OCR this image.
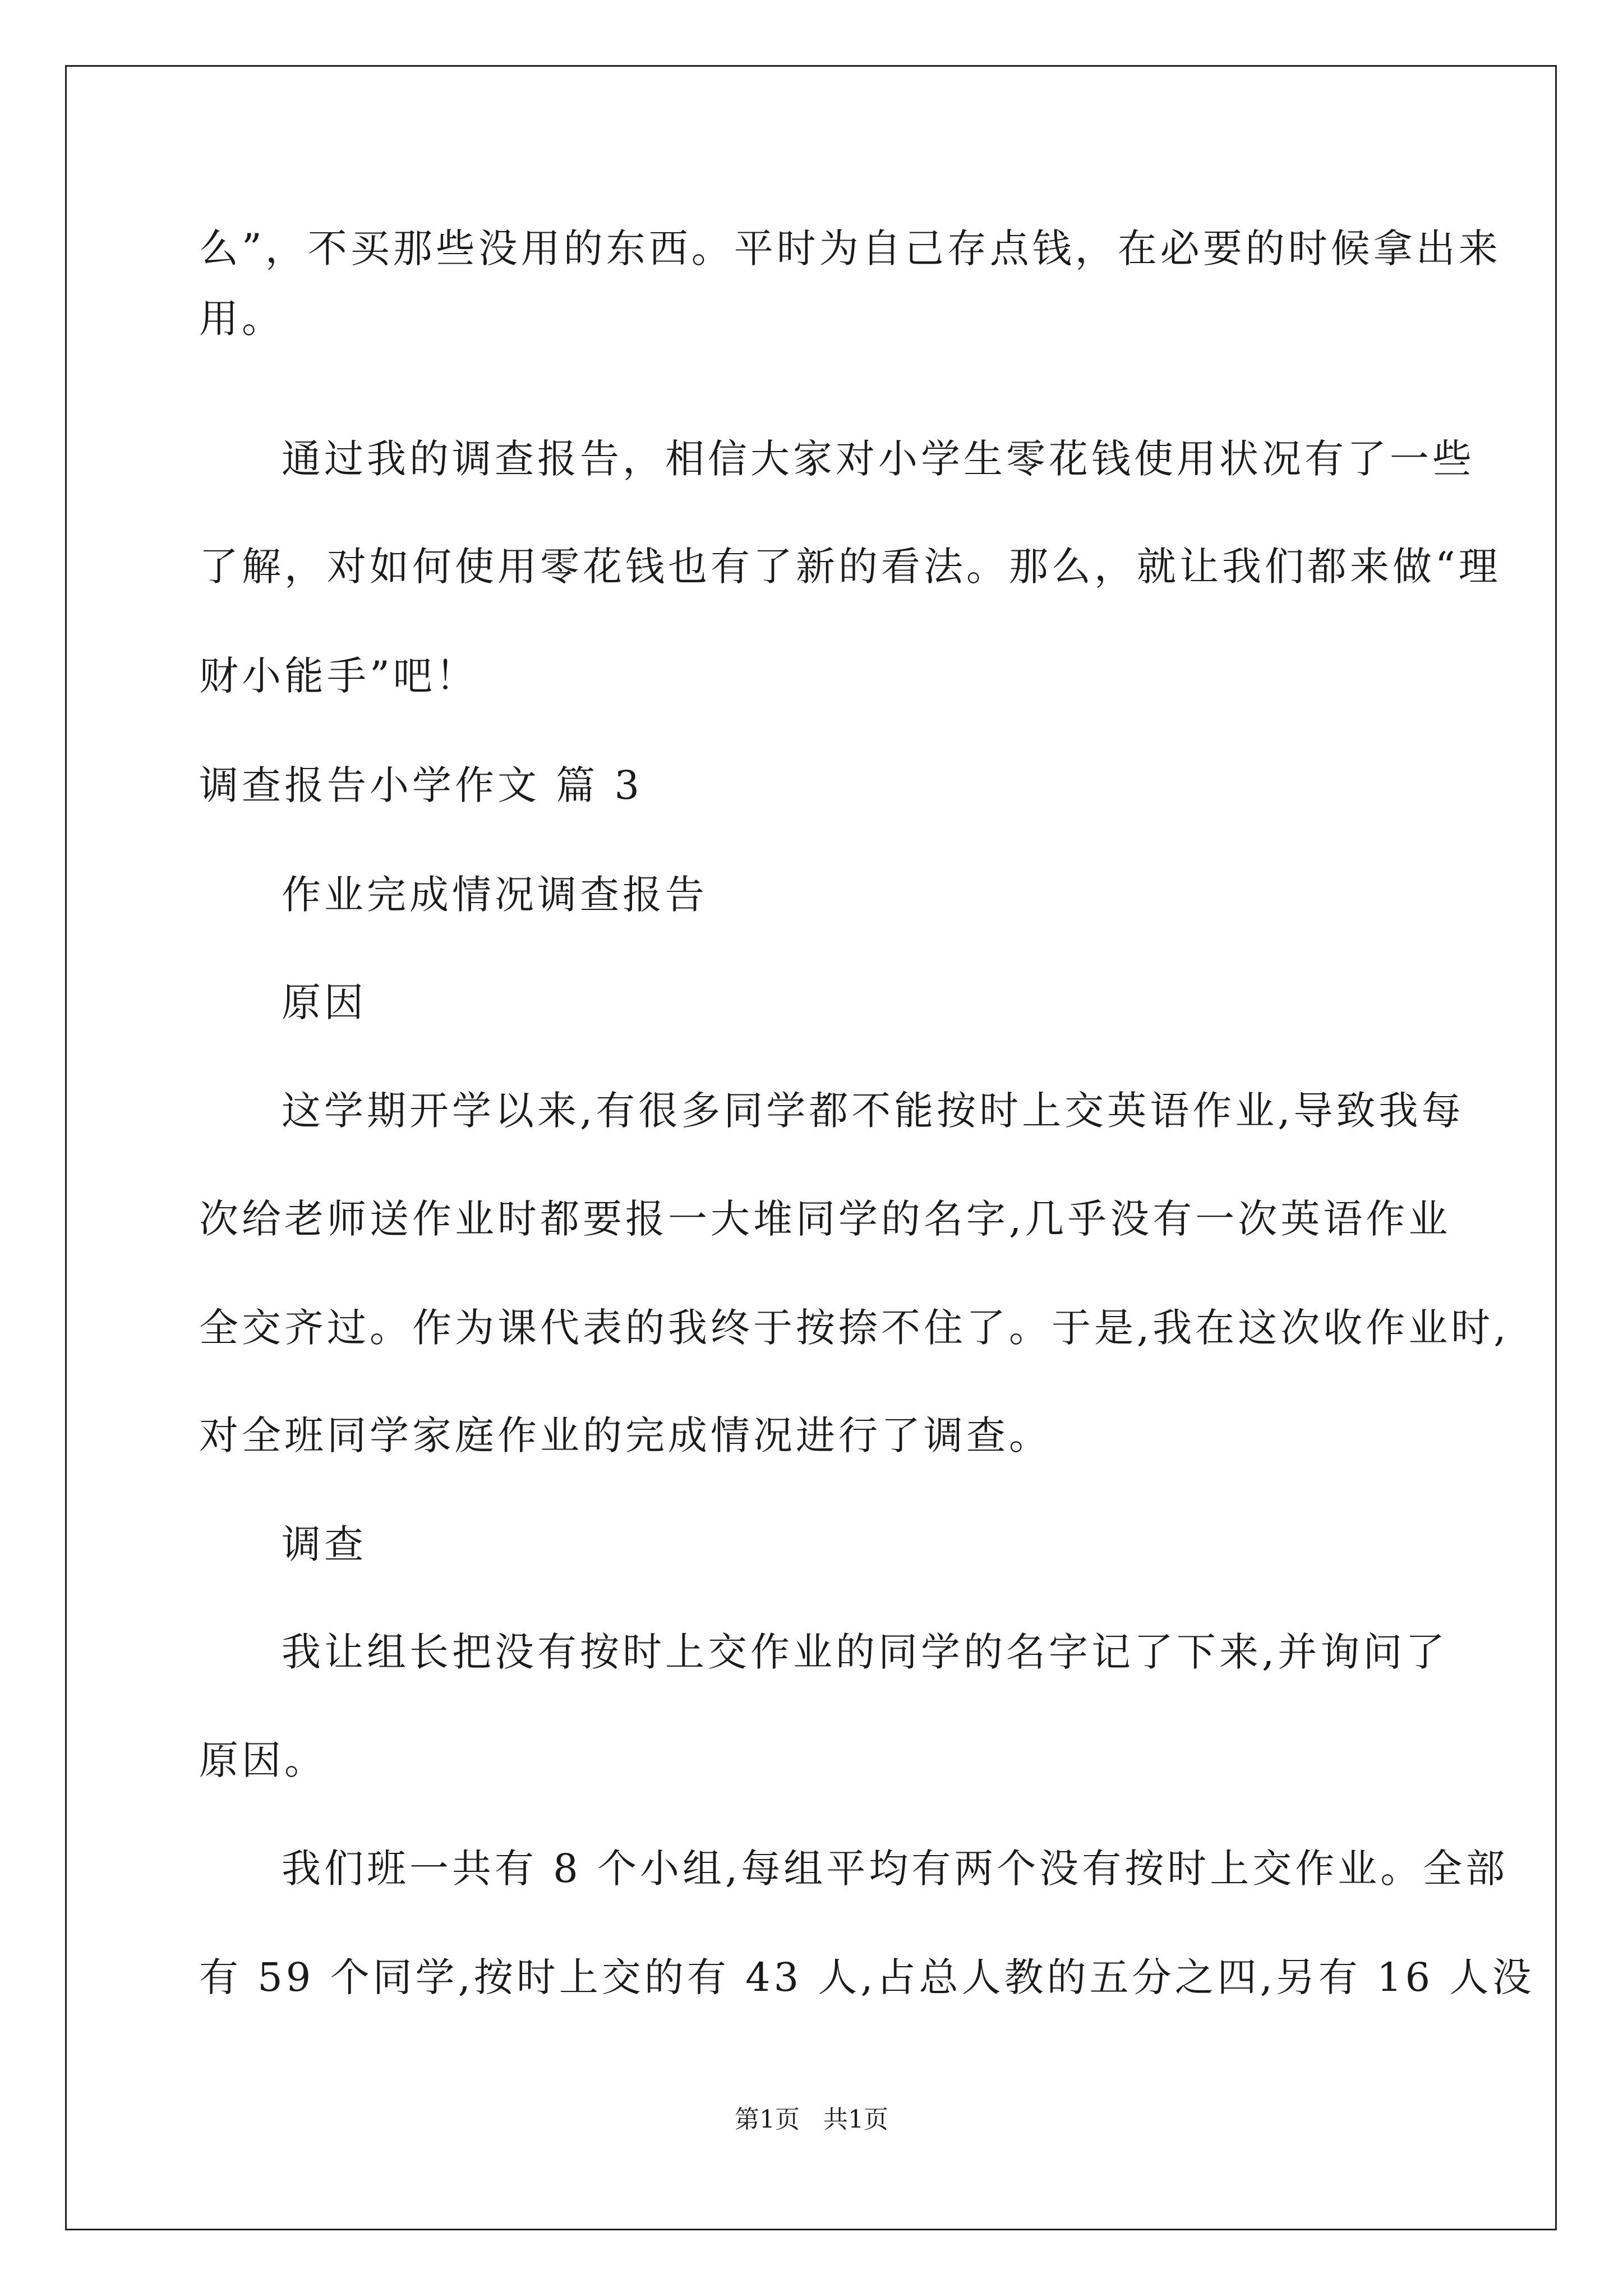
么”，不买那些没用的东西。平时为自己存点钱，在必要的时候拿出来
用。
通过我的调查报告，相信大家对小学生零花钱使用状况有了一些
了解，对如何使用零花钱也有了新的看法。那么，就让我们都来做“理
财小能手”吧！
调查报告小学作文 篇 3
作业完成情况调查报告
原因
这学期开学以来,有很多同学都不能按时上交英语作业,导致我每
次给老师送作业时都要报一大堆同学的名字,几乎没有一次英语作业
全交齐过。作为课代表的我终于按捺不住了。于是,我在这次收作业时,
对全班同学家庭作业的完成情况进行了调查。
调查
我让组长把没有按时上交作业的同学的名字记了下来,并询问了
原因。
我们班一共有 8 个小组,每组平均有两个没有按时上交作业。全部
有 59 个同学,按时上交的有 43 人,占总人教的五分之四,另有 16 人没
第1页   共1页
